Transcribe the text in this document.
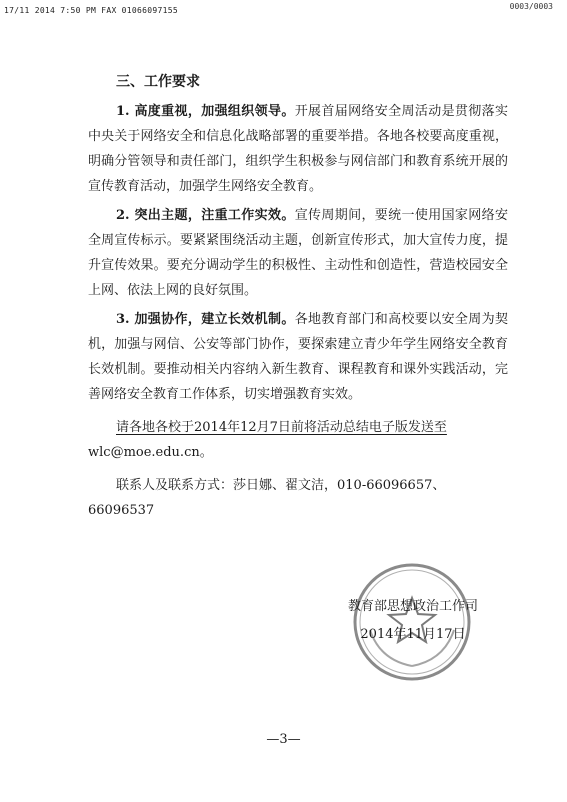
17/11 2014 7:50 PM FAX 01066097155	0003/0003

三、工作要求

1. 高度重视，加强组织领导。开展首届网络安全周活动是贯彻落实中央关于网络安全和信息化战略部署的重要举措。各地各校要高度重视，明确分管领导和责任部门，组织学生积极参与网信部门和教育系统开展的宣传教育活动，加强学生网络安全教育。

2. 突出主题，注重工作实效。宣传周期间，要统一使用国家网络安全周宣传标示。要紧紧围绕活动主题，创新宣传形式，加大宣传力度，提升宣传效果。要充分调动学生的积极性、主动性和创造性，营造校园安全上网、依法上网的良好氛围。

3. 加强协作，建立长效机制。各地教育部门和高校要以安全周为契机，加强与网信、公安等部门协作，要探索建立青少年学生网络安全教育长效机制。要推动相关内容纳入新生教育、课程教育和课外实践活动，完善网络安全教育工作体系，切实增强教育实效。

请各地各校于2014年12月7日前将活动总结电子版发送至

wlc@moe.edu.cn。

联系人及联系方式：莎日娜、翟文洁，010-66096657、

66096537

教育部思想政治工作司
2014年11月17日
—3—
